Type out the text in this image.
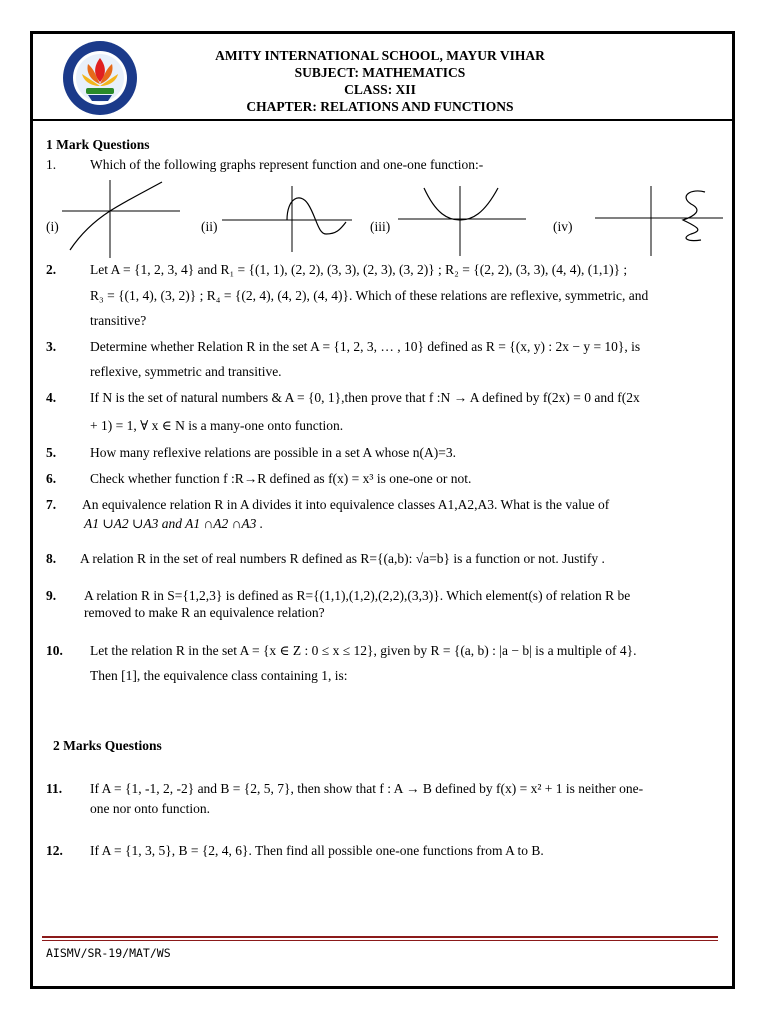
AMITY INTERNATIONAL SCHOOL, MAYUR VIHAR
SUBJECT: MATHEMATICS
CLASS: XII
CHAPTER: RELATIONS AND FUNCTIONS
1 Mark Questions
1.	Which of the following graphs represent function and one-one function:-
(i)	(ii)	(iii)	(iv)
2.	Let A = {1, 2, 3, 4} and R₁ = {(1, 1), (2, 2), (3, 3), (2, 3), (3, 2)} ; R₂ = {(2, 2), (3, 3), (4, 4), (1,1)} ;
R₃ = {(1, 4), (3, 2)} ; R₄ = {(2, 4), (4, 2), (4, 4)}. Which of these relations are reflexive, symmetric, and
transitive?
3.	Determine whether Relation R in the set A = {1, 2, 3, … , 10} defined as R = {(x, y) : 2x − y = 10}, is
reflexive, symmetric and transitive.
4.	If N is the set of natural numbers & A = {0, 1},then prove that f :N → A defined by f(2x) = 0 and f(2x
+ 1) = 1, ∀ x ∈ N is a many-one onto function.
5.	How many reflexive relations are possible in a set A whose n(A)=3.
6.	Check whether function f :R→R defined as f(x) = x³ is one-one or not.
7. An equivalence relation R in A divides it into equivalence classes A1,A2,A3. What is the value of
A1 ∪A2 ∪A3 and A1 ∩A2 ∩A3 .
8. A relation R in the set of real numbers R defined as R={(a,b): √a=b} is a function or not. Justify .
9. A relation R in S={1,2,3} is defined as R={(1,1),(1,2),(2,2),(3,3)}. Which element(s) of relation R be
removed to make R an equivalence relation?
10. Let the relation R in the set A = {x ∈ Z : 0 ≤ x ≤ 12}, given by R = {(a, b) : |a − b| is a multiple of 4}.
Then [1], the equivalence class containing 1, is:
2 Marks Questions
11. If A = {1, -1, 2, -2} and B = {2, 5, 7}, then show that f : A → B defined by f(x) = x² + 1 is neither one-
one nor onto function.
12. If A = {1, 3, 5}, B = {2, 4, 6}. Then find all possible one-one functions from A to B.
AISMV/SR-19/MAT/WS
